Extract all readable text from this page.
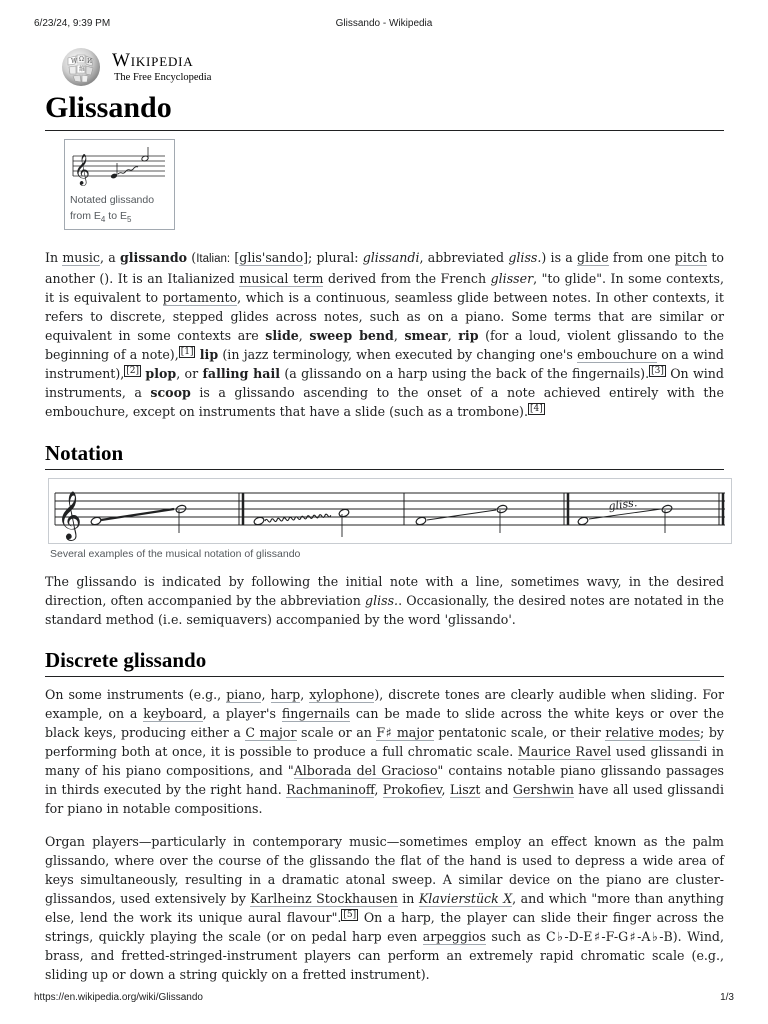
6/23/24, 9:39 PM	Glissando - Wikipedia
W Ω И
維 Wikipedia
The Free Encyclopedia
Glissando
𝄞
Notated glissando from $E_4$ to $E_5$

In music, a glissando (Italian: [glis'sando]; plural: glissandi, abbreviated gliss.) is a glide from one pitch to another (). It is an Italianized musical term derived from the French glisser, "to glide". In some contexts, it is equivalent to portamento, which is a continuous, seamless glide between notes. In other contexts, it refers to discrete, stepped glides across notes, such as on a piano. Some terms that are similar or equivalent in some contexts are slide, sweep bend, smear, rip (for a loud, violent glissando to the beginning of a note), [1] lip (in jazz terminology, when executed by changing one's embouchure on a wind instrument), [2] plop, or falling hail (a glissando on a harp using the back of the fingernails). [3] On wind instruments, a scoop is a glissando ascending to the onset of a note achieved entirely with the embouchure, except on instruments that have a slide (such as a trombone). [4]

Notation
𝄞	gliss.
Several examples of the musical notation of glissando

The glissando is indicated by following the initial note with a line, sometimes wavy, in the desired direction, often accompanied by the abbreviation gliss.. Occasionally, the desired notes are notated in the standard method (i.e. semiquavers) accompanied by the word 'glissando'.

Discrete glissando

On some instruments (e.g., piano, harp, xylophone), discrete tones are clearly audible when sliding. For example, on a keyboard, a player's fingernails can be made to slide across the white keys or over the black keys, producing either a C major scale or an F♯ major pentatonic scale, or their relative modes; by performing both at once, it is possible to produce a full chromatic scale. Maurice Ravel used glissandi in many of his piano compositions, and "Alborada del Gracioso" contains notable piano glissando passages in thirds executed by the right hand. Rachmaninoff, Prokofiev, Liszt and Gershwin have all used glissandi for piano in notable compositions.

Organ players—particularly in contemporary music—sometimes employ an effect known as the palm glissando, where over the course of the glissando the flat of the hand is used to depress a wide area of keys simultaneously, resulting in a dramatic atonal sweep. A similar device on the piano are cluster-glissandos, used extensively by Karlheinz Stockhausen in Klavierstück X, and which "more than anything else, lend the work its unique aural flavour". [5] On a harp, the player can slide their finger across the strings, quickly playing the scale (or on pedal harp even arpeggios such as C♭-D-E♯-F-G♯-A♭-B). Wind, brass, and fretted-stringed-instrument players can perform an extremely rapid chromatic scale (e.g., sliding up or down a string quickly on a fretted instrument).

https://en.wikipedia.org/wiki/Glissando	1/3
